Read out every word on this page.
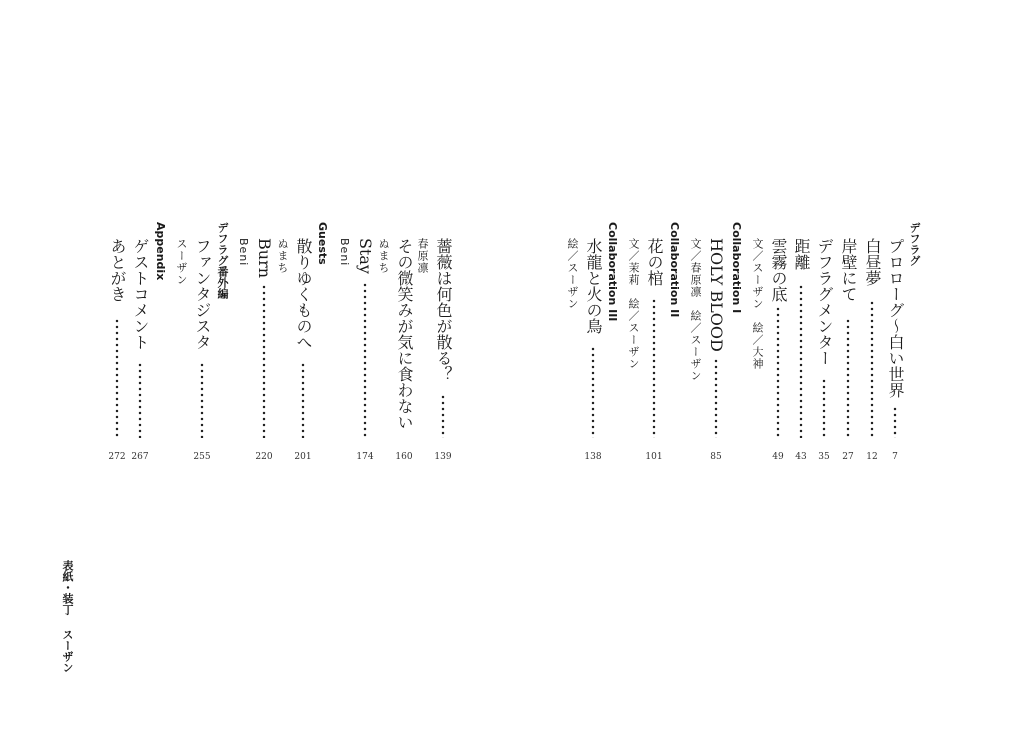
デフラグ
プロローグ〜白い世界
7
白昼夢
12
岸壁にて
27
デフラグメンター
35
距離
43
雲霧の底
49
文／スーザン　絵／大神
Collaboration I
HOLY BLOOD
85
文／春原凛　絵／スーザン
Collaboration II
花の棺
101
文／茉莉　絵／スーザン
Collaboration III
水龍と火の鳥
138
絵／スーザン
薔薇は何色が散る？
139
春原凛
その微笑みが気に食わない
160
ぬまち
Stay
174
Beni
Guests
散りゆくものへ
201
ぬまち
Burn
220
Beni
デフラグ番外編
ファンタジスタ
255
スーザン
Appendix
ゲストコメント
267
あとがき
272
表紙・装丁スーザン
